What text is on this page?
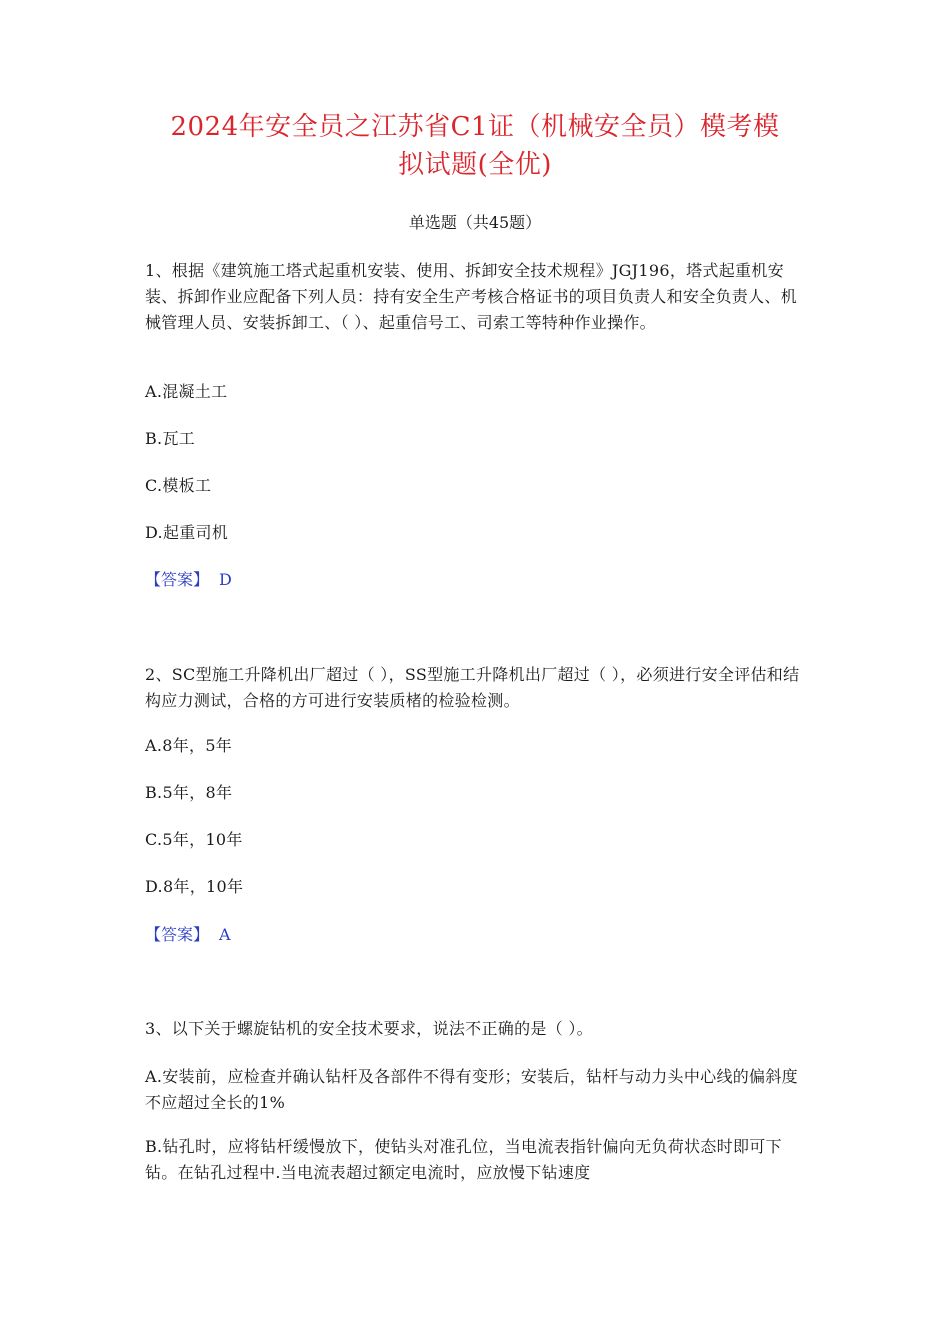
2024年安全员之江苏省C1证（机械安全员）模考模
拟试题(全优)
单选题（共45题）
1、根据《建筑施工塔式起重机安装、使用、拆卸安全技术规程》JGJ196，塔式起重机安装、拆卸作业应配备下列人员：持有安全生产考核合格证书的项目负责人和安全负责人、机械管理人员、安装拆卸工、（ ）、起重信号工、司索工等特种作业操作。
A.混凝土工
B.瓦工
C.模板工
D.起重司机
【答案】 D
2、SC型施工升降机出厂超过（ ），SS型施工升降机出厂超过（ ），必须进行安全评估和结构应力测试，合格的方可进行安装质楮的检验检测。
A.8年，5年
B.5年，8年
C.5年，10年
D.8年，10年
【答案】 A
3、以下关于螺旋钻机的安全技术要求，说法不正确的是（ ）。
A.安装前，应检查并确认钻杆及各部件不得有变形；安装后，钻杆与动力头中心线的偏斜度不应超过全长的1%
B.钻孔时，应将钻杆缓慢放下，使钻头对准孔位，当电流表指针偏向无负荷状态时即可下钻。在钻孔过程中.当电流表超过额定电流时，应放慢下钻速度
